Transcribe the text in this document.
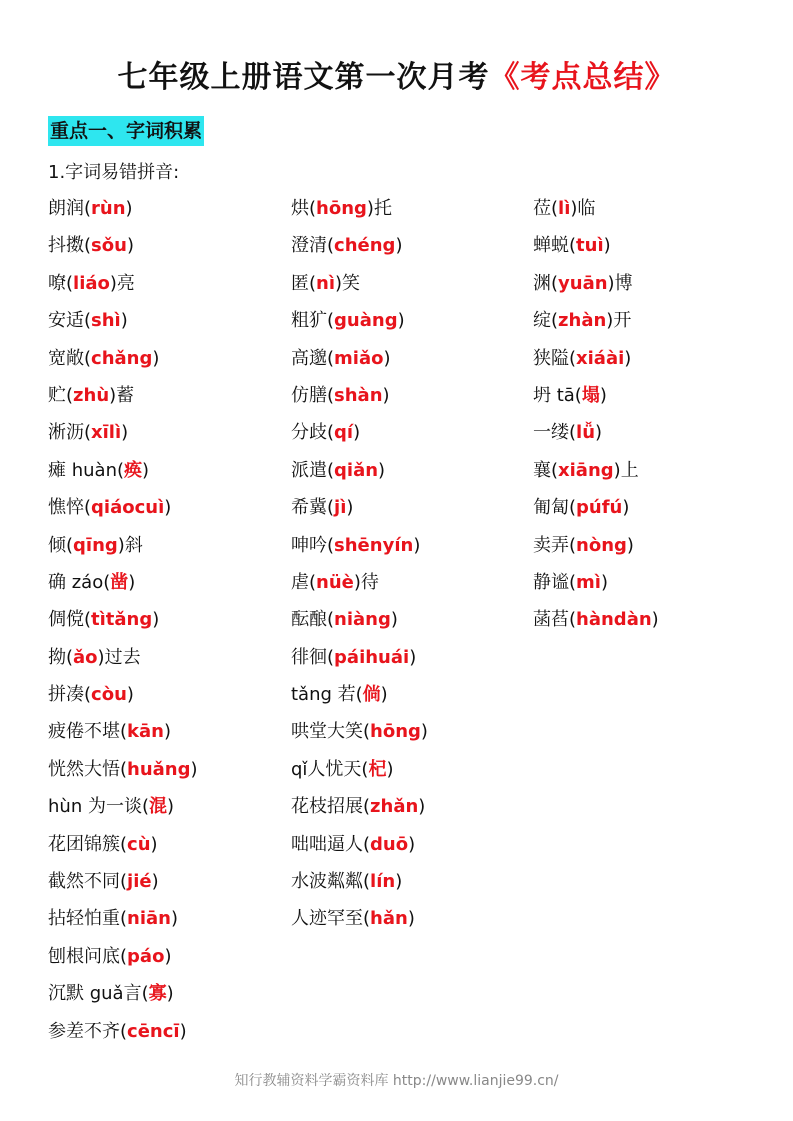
七年级上册语文第一次月考《考点总结》
重点一、字词积累
1.字词易错拼音:
朗润(rùn)
抖擞(sǒu)
嘹(liáo)亮
安适(shì)
宽敞(chǎng)
贮(zhù)蓄
淅沥(xīlì)
瘫 huàn(痪)
憔悴(qiáocuì)
倾(qīng)斜
确 záo(凿)
倜傥(tìtǎng)
拗(ǎo)过去
拼凑(còu)
疲倦不堪(kān)
恍然大悟(huǎng)
hùn 为一谈(混)
花团锦簇(cù)
截然不同(jié)
拈轻怕重(niān)
刨根问底(páo)
沉默 guǎ言(寡)
参差不齐(cēncī)
烘(hōng)托
澄清(chéng)
匿(nì)笑
粗犷(guàng)
高邈(miǎo)
仿膳(shàn)
分歧(qí)
派遣(qiǎn)
希冀(jì)
呻吟(shēnyín)
虐(nüè)待
酝酿(niàng)
徘徊(páihuái)
tǎng 若(倘)
哄堂大笑(hōng)
qǐ人忧天(杞)
花枝招展(zhǎn)
咄咄逼人(duō)
水波粼粼(lín)
人迹罕至(hǎn)
莅(lì)临
蝉蜕(tuì)
渊(yuān)博
绽(zhàn)开
狭隘(xiáài)
坍 tā(塌)
一缕(lǚ)
襄(xiāng)上
匍匐(púfú)
卖弄(nòng)
静谧(mì)
菡萏(hàndàn)
知行教辅资料学霸资料库 http://www.lianjie99.cn/
